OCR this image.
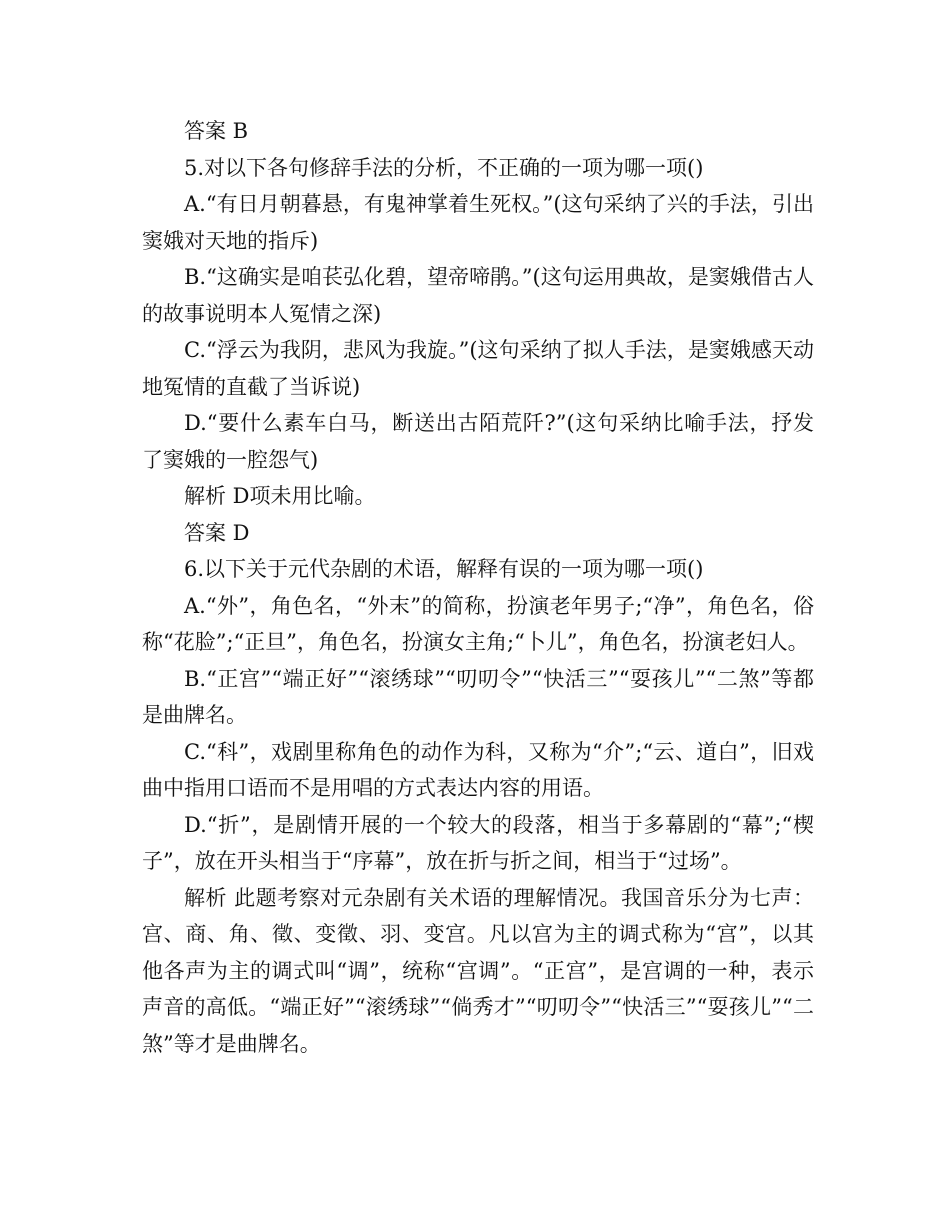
答案 B

5.对以下各句修辞手法的分析，不正确的一项为哪一项()

A.“有日月朝暮悬，有鬼神掌着生死权。”(这句采纳了兴的手法，引出窦娥对天地的指斥)

B.“这确实是咱苌弘化碧，望帝啼鹃。”(这句运用典故，是窦娥借古人的故事说明本人冤情之深)

C.“浮云为我阴，悲风为我旋。”(这句采纳了拟人手法，是窦娥感天动地冤情的直截了当诉说)

D.“要什么素车白马，断送出古陌荒阡?”(这句采纳比喻手法，抒发了窦娥的一腔怨气)

解析 D项未用比喻。

答案 D

6.以下关于元代杂剧的术语，解释有误的一项为哪一项()

A.“外”，角色名，“外末”的简称，扮演老年男子;“净”，角色名，俗称“花脸”;“正旦”，角色名，扮演女主角;“卜儿”，角色名，扮演老妇人。

B.“正宫”“端正好”“滚绣球”“叨叨令”“快活三”“耍孩儿”“二煞”等都是曲牌名。

C.“科”，戏剧里称角色的动作为科，又称为“介”;“云、道白”，旧戏曲中指用口语而不是用唱的方式表达内容的用语。

D.“折”，是剧情开展的一个较大的段落，相当于多幕剧的“幕”;“楔子”，放在开头相当于“序幕”，放在折与折之间，相当于“过场”。

解析 此题考察对元杂剧有关术语的理解情况。我国音乐分为七声：宫、商、角、徵、变徵、羽、变宫。凡以宫为主的调式称为“宫”，以其他各声为主的调式叫“调”，统称“宫调”。“正宫”，是宫调的一种，表示声音的高低。“端正好”“滚绣球”“倘秀才”“叨叨令”“快活三”“耍孩儿”“二煞”等才是曲牌名。
